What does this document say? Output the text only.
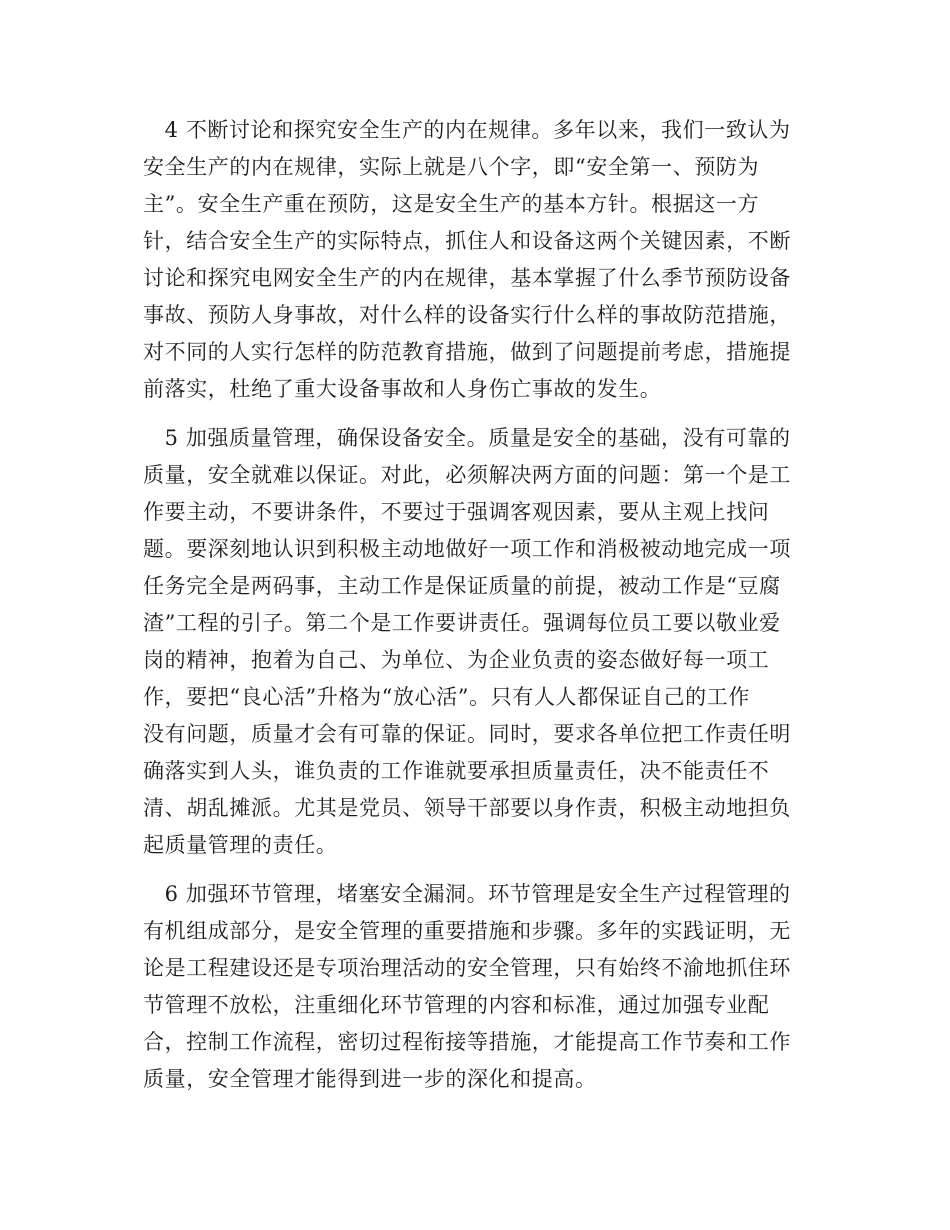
　4 不断讨论和探究安全生产的内在规律。多年以来，我们一致认为
安全生产的内在规律，实际上就是八个字，即“安全第一、预防为
主”。安全生产重在预防，这是安全生产的基本方针。根据这一方
针，结合安全生产的实际特点，抓住人和设备这两个关键因素，不断
讨论和探究电网安全生产的内在规律，基本掌握了什么季节预防设备
事故、预防人身事故，对什么样的设备实行什么样的事故防范措施，
对不同的人实行怎样的防范教育措施，做到了问题提前考虑，措施提
前落实，杜绝了重大设备事故和人身伤亡事故的发生。
　5 加强质量管理，确保设备安全。质量是安全的基础，没有可靠的
质量，安全就难以保证。对此，必须解决两方面的问题：第一个是工
作要主动，不要讲条件，不要过于强调客观因素，要从主观上找问
题。要深刻地认识到积极主动地做好一项工作和消极被动地完成一项
任务完全是两码事，主动工作是保证质量的前提，被动工作是“豆腐
渣”工程的引子。第二个是工作要讲责任。强调每位员工要以敬业爱
岗的精神，抱着为自己、为单位、为企业负责的姿态做好每一项工
作，要把“良心活”升格为“放心活”。只有人人都保证自己的工作
没有问题，质量才会有可靠的保证。同时，要求各单位把工作责任明
确落实到人头，谁负责的工作谁就要承担质量责任，决不能责任不
清、胡乱摊派。尤其是党员、领导干部要以身作责，积极主动地担负
起质量管理的责任。
　6 加强环节管理，堵塞安全漏洞。环节管理是安全生产过程管理的
有机组成部分，是安全管理的重要措施和步骤。多年的实践证明，无
论是工程建设还是专项治理活动的安全管理，只有始终不渝地抓住环
节管理不放松，注重细化环节管理的内容和标准，通过加强专业配
合，控制工作流程，密切过程衔接等措施，才能提高工作节奏和工作
质量，安全管理才能得到进一步的深化和提高。
